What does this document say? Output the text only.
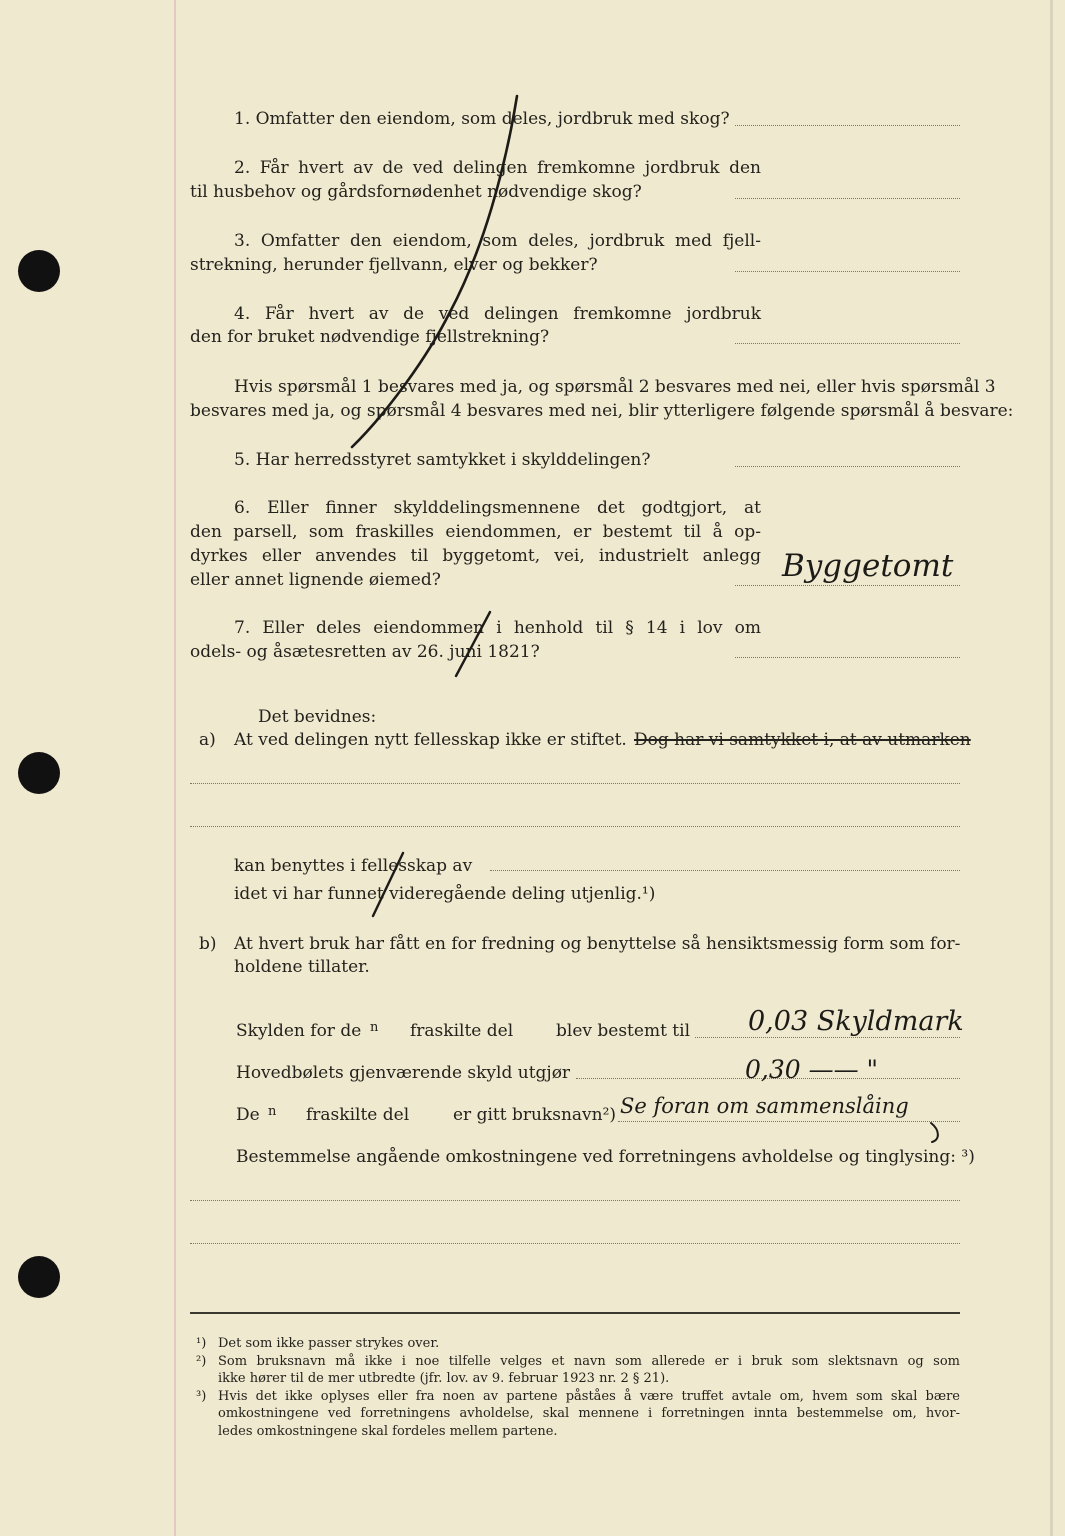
1. Omfatter den eiendom, som deles, jordbruk med skog?
2. Får hvert av de ved delingen fremkomne jordbruk den
til husbehov og gårdsfornødenhet nødvendige skog?
3. Omfatter den eiendom, som deles, jordbruk med fjell-
strekning, herunder fjellvann, elver og bekker?
4. Får hvert av de ved delingen fremkomne jordbruk
den for bruket nødvendige fjellstrekning?
Hvis spørsmål 1 besvares med ja, og spørsmål 2 besvares med nei, eller hvis spørsmål 3
besvares med ja, og spørsmål 4 besvares med nei, blir ytterligere følgende spørsmål å besvare:
5. Har herredsstyret samtykket i skylddelingen?
6. Eller finner skylddelingsmennene det godtgjort, at
den parsell, som fraskilles eiendommen, er bestemt til å op-
dyrkes eller anvendes til byggetomt, vei, industrielt anlegg
eller annet lignende øiemed?	Byggetomt
7. Eller deles eiendommen i henhold til § 14 i lov om
odels- og åsætesretten av 26. juni 1821?
Det bevidnes:
a) At ved delingen nytt fellesskap ikke er stiftet. Dog har vi samtykket i, at av utmarken
kan benyttes i fellesskap av
idet vi har funnet videregående deling utjenlig.¹)
b) At hvert bruk har fått en for fredning og benyttelse så hensiktsmessig form som for-
holdene tillater.
Skylden for de n fraskilte del	blev bestemt til 0,03 Skyldmark
Hovedbølets gjenværende skyld utgjør	0,30 —— "
De n fraskilte del	er gitt bruksnavn²) Se foran om sammenslåing
Bestemmelse angående omkostningene ved forretningens avholdelse og tinglysing: ³)
¹) Det som ikke passer strykes over.
²) Som bruksnavn må ikke i noe tilfelle velges et navn som allerede er i bruk som slektsnavn og som
ikke hører til de mer utbredte (jfr. lov. av 9. februar 1923 nr. 2 § 21).
³) Hvis det ikke oplyses eller fra noen av partene påståes å være truffet avtale om, hvem som skal bære
omkostningene ved forretningens avholdelse, skal mennene i forretningen innta bestemmelse om, hvor-
ledes omkostningene skal fordeles mellem partene.
